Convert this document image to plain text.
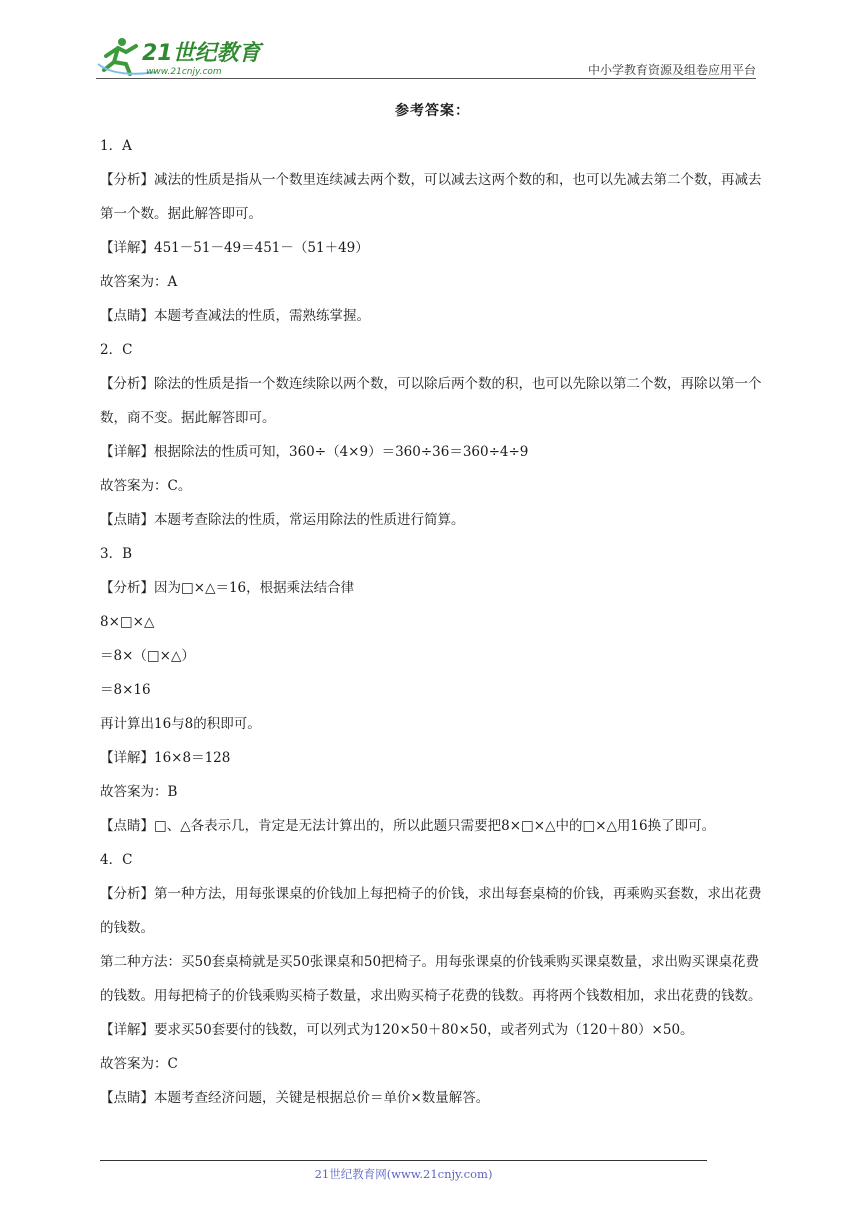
21世纪教育
www.21cnjy.com	中小学教育资源及组卷应用平台
参考答案：
1．A
【分析】减法的性质是指从一个数里连续减去两个数，可以减去这两个数的和，也可以先减去第二个数，再减去第一个数。据此解答即可。
【详解】451－51－49＝451－（51＋49）
故答案为：A
【点睛】本题考查减法的性质，需熟练掌握。
2．C
【分析】除法的性质是指一个数连续除以两个数，可以除后两个数的积，也可以先除以第二个数，再除以第一个数，商不变。据此解答即可。
【详解】根据除法的性质可知，360÷（4×9）＝360÷36＝360÷4÷9
故答案为：C。
【点睛】本题考查除法的性质，常运用除法的性质进行简算。
3．B
【分析】因为□×△＝16，根据乘法结合律
8×□×△
＝8×（□×△）
＝8×16
再计算出16与8的积即可。
【详解】16×8＝128
故答案为：B
【点睛】□、△各表示几，肯定是无法计算出的，所以此题只需要把8×□×△中的□×△用16换了即可。
4．C
【分析】第一种方法，用每张课桌的价钱加上每把椅子的价钱，求出每套桌椅的价钱，再乘购买套数，求出花费的钱数。
第二种方法：买50套桌椅就是买50张课桌和50把椅子。用每张课桌的价钱乘购买课桌数量，求出购买课桌花费的钱数。用每把椅子的价钱乘购买椅子数量，求出购买椅子花费的钱数。再将两个钱数相加，求出花费的钱数。
【详解】要求买50套要付的钱数，可以列式为120×50＋80×50，或者列式为（120＋80）×50。
故答案为：C
【点睛】本题考查经济问题，关键是根据总价＝单价×数量解答。
21世纪教育网(www.21cnjy.com)
